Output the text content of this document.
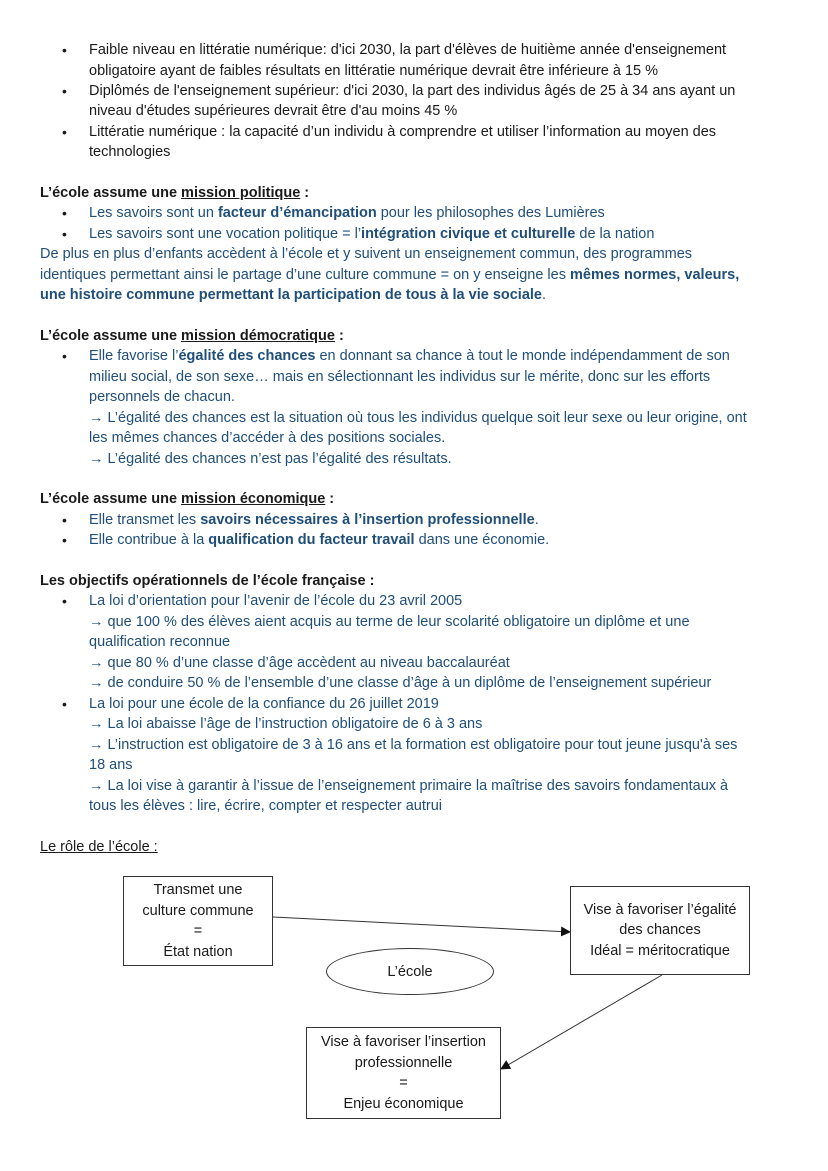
• Faible niveau en littératie numérique: d'ici 2030, la part d'élèves de huitième année d'enseignement
obligatoire ayant de faibles résultats en littératie numérique devrait être inférieure à 15 %
• Diplômés de l'enseignement supérieur: d'ici 2030, la part des individus âgés de 25 à 34 ans ayant un
niveau d'études supérieures devrait être d'au moins 45 %
• Littératie numérique : la capacité d’un individu à comprendre et utiliser l’information au moyen des
technologies
L’école assume une mission politique :
• Les savoirs sont un facteur d’émancipation pour les philosophes des Lumières
• Les savoirs sont une vocation politique = l’intégration civique et culturelle de la nation
De plus en plus d’enfants accèdent à l’école et y suivent un enseignement commun, des programmes
identiques permettant ainsi le partage d’une culture commune = on y enseigne les mêmes normes, valeurs,
une histoire commune permettant la participation de tous à la vie sociale.
L’école assume une mission démocratique :
• Elle favorise l’égalité des chances en donnant sa chance à tout le monde indépendamment de son
milieu social, de son sexe… mais en sélectionnant les individus sur le mérite, donc sur les efforts
personnels de chacun.
→ L’égalité des chances est la situation où tous les individus quelque soit leur sexe ou leur origine, ont
les mêmes chances d’accéder à des positions sociales.
→ L’égalité des chances n’est pas l’égalité des résultats.
L’école assume une mission économique :
• Elle transmet les savoirs nécessaires à l’insertion professionnelle.
• Elle contribue à la qualification du facteur travail dans une économie.
Les objectifs opérationnels de l’école française :
• La loi d’orientation pour l’avenir de l’école du 23 avril 2005
→ que 100 % des élèves aient acquis au terme de leur scolarité obligatoire un diplôme et une
qualification reconnue
→ que 80 % d’une classe d’âge accèdent au niveau baccalauréat
→ de conduire 50 % de l’ensemble d’une classe d’âge à un diplôme de l’enseignement supérieur
• La loi pour une école de la confiance du 26 juillet 2019
→ La loi abaisse l’âge de l’instruction obligatoire de 6 à 3 ans
→ L’instruction est obligatoire de 3 à 16 ans et la formation est obligatoire pour tout jeune jusqu'à ses
18 ans
→ La loi vise à garantir à l’issue de l’enseignement primaire la maîtrise des savoirs fondamentaux à
tous les élèves : lire, écrire, compter et respecter autrui
Le rôle de l’école :
Transmet une
culture commune
=
État nation
Vise à favoriser l’égalité
des chances
Idéal = méritocratique
L’école
Vise à favoriser l’insertion
professionnelle
=
Enjeu économique
